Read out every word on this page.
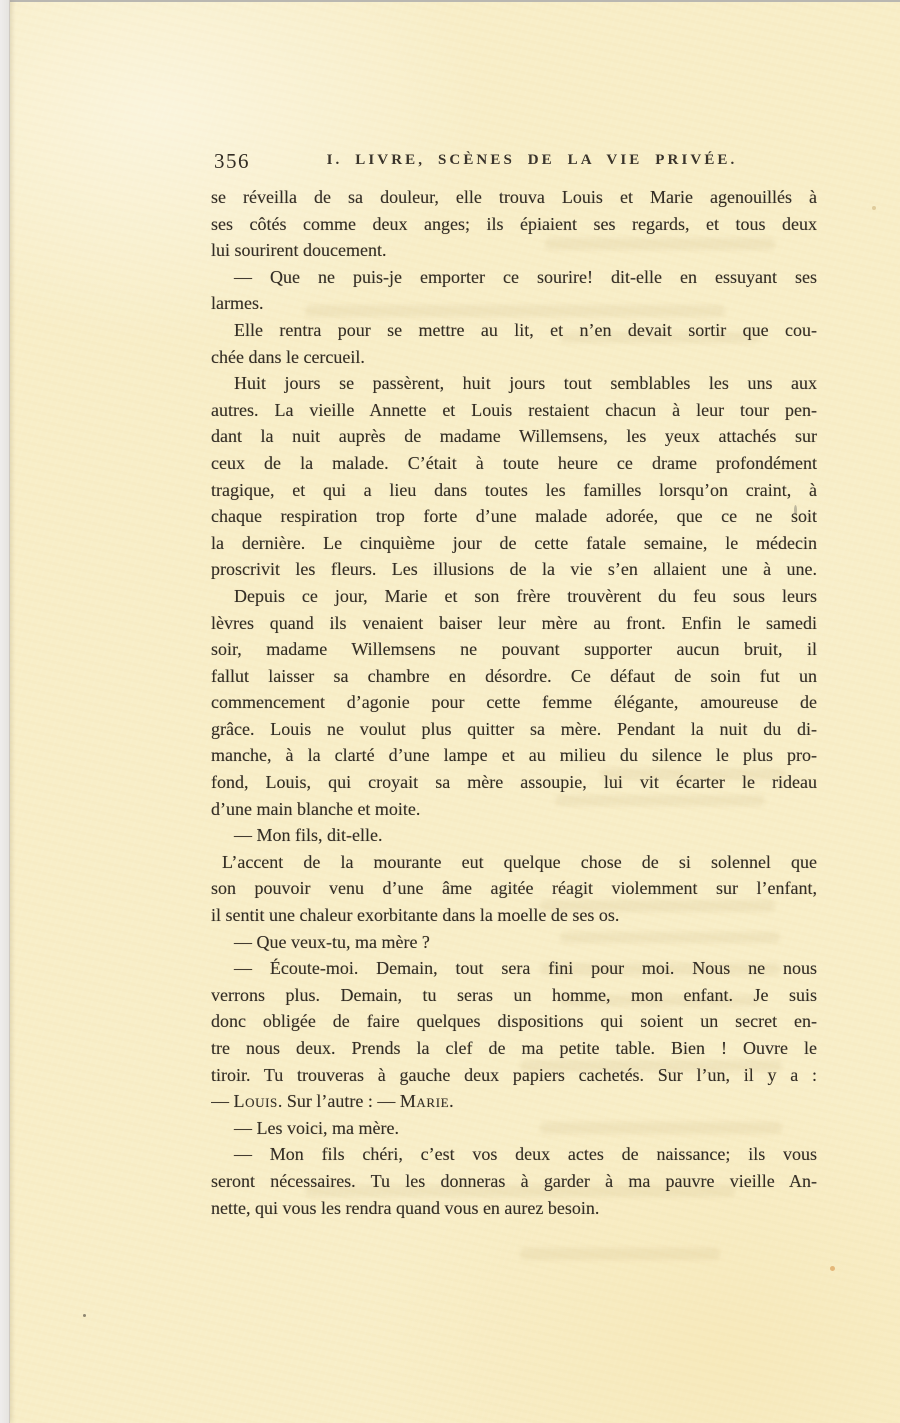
356	I. LIVRE, SCÈNES DE LA VIE PRIVÉE.
se réveilla de sa douleur, elle trouva Louis et Marie agenouillés à
ses côtés comme deux anges; ils épiaient ses regards, et tous deux
lui sourirent doucement.
— Que ne puis-je emporter ce sourire! dit-elle en essuyant ses
larmes.
Elle rentra pour se mettre au lit, et n’en devait sortir que cou-
chée dans le cercueil.
Huit jours se passèrent, huit jours tout semblables les uns aux
autres. La vieille Annette et Louis restaient chacun à leur tour pen-
dant la nuit auprès de madame Willemsens, les yeux attachés sur
ceux de la malade. C’était à toute heure ce drame profondément
tragique, et qui a lieu dans toutes les familles lorsqu’on craint, à
chaque respiration trop forte d’une malade adorée, que ce ne soit
la dernière. Le cinquième jour de cette fatale semaine, le médecin
proscrivit les fleurs. Les illusions de la vie s’en allaient une à une.
Depuis ce jour, Marie et son frère trouvèrent du feu sous leurs
lèvres quand ils venaient baiser leur mère au front. Enfin le samedi
soir, madame Willemsens ne pouvant supporter aucun bruit, il
fallut laisser sa chambre en désordre. Ce défaut de soin fut un
commencement d’agonie pour cette femme élégante, amoureuse de
grâce. Louis ne voulut plus quitter sa mère. Pendant la nuit du di-
manche, à la clarté d’une lampe et au milieu du silence le plus pro-
fond, Louis, qui croyait sa mère assoupie, lui vit écarter le rideau
d’une main blanche et moite.
— Mon fils, dit-elle.
L’accent de la mourante eut quelque chose de si solennel que
son pouvoir venu d’une âme agitée réagit violemment sur l’enfant,
il sentit une chaleur exorbitante dans la moelle de ses os.
— Que veux-tu, ma mère ?
— Écoute-moi. Demain, tout sera fini pour moi. Nous ne nous
verrons plus. Demain, tu seras un homme, mon enfant. Je suis
donc obligée de faire quelques dispositions qui soient un secret en-
tre nous deux. Prends la clef de ma petite table. Bien ! Ouvre le
tiroir. Tu trouveras à gauche deux papiers cachetés. Sur l’un, il y a :
— Louis. Sur l’autre : — Marie.
— Les voici, ma mère.
— Mon fils chéri, c’est vos deux actes de naissance; ils vous
seront nécessaires. Tu les donneras à garder à ma pauvre vieille An-
nette, qui vous les rendra quand vous en aurez besoin.
